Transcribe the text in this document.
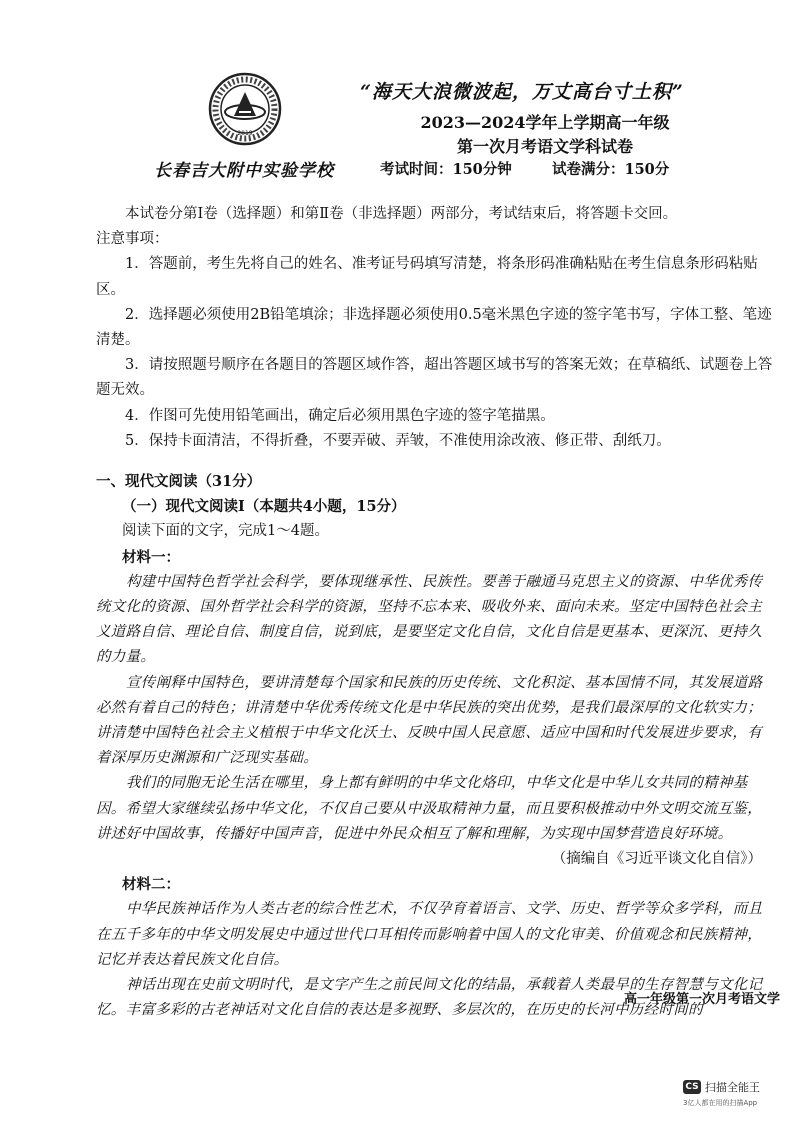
2019
“海天大浪微波起，万丈高台寸土积”
2023—2024学年上学期高一年级
第一次月考语文学科试卷
长春吉大附中实验学校	考试时间：150分钟	试卷满分：150分

本试卷分第Ⅰ卷（选择题）和第Ⅱ卷（非选择题）两部分，考试结束后，将答题卡交回。

注意事项：

1．答题前，考生先将自己的姓名、准考证号码填写清楚，将条形码准确粘贴在考生信息条形码粘贴区。

2．选择题必须使用2B铅笔填涂；非选择题必须使用0.5毫米黑色字迹的签字笔书写，字体工整、笔迹清楚。

3．请按照题号顺序在各题目的答题区域作答，超出答题区域书写的答案无效；在草稿纸、试题卷上答题无效。

4．作图可先使用铅笔画出，确定后必须用黑色字迹的签字笔描黑。

5．保持卡面清洁，不得折叠，不要弄破、弄皱，不准使用涂改液、修正带、刮纸刀。

一、现代文阅读（31分）

（一）现代文阅读Ⅰ（本题共4小题，15分）

阅读下面的文字，完成1～4题。

材料一：

构建中国特色哲学社会科学，要体现继承性、民族性。要善于融通马克思主义的资源、中华优秀传统文化的资源、国外哲学社会科学的资源，坚持不忘本来、吸收外来、面向未来。坚定中国特色社会主义道路自信、理论自信、制度自信，说到底，是要坚定文化自信，文化自信是更基本、更深沉、更持久的力量。

宣传阐释中国特色，要讲清楚每个国家和民族的历史传统、文化积淀、基本国情不同，其发展道路必然有着自己的特色；讲清楚中华优秀传统文化是中华民族的突出优势，是我们最深厚的文化软实力；讲清楚中国特色社会主义植根于中华文化沃土、反映中国人民意愿、适应中国和时代发展进步要求，有着深厚历史渊源和广泛现实基础。

我们的同胞无论生活在哪里，身上都有鲜明的中华文化烙印，中华文化是中华儿女共同的精神基因。希望大家继续弘扬中华文化，不仅自己要从中汲取精神力量，而且要积极推动中外文明交流互鉴，讲述好中国故事，传播好中国声音，促进中外民众相互了解和理解，为实现中国梦营造良好环境。

（摘编自《习近平谈文化自信》）

材料二：

中华民族神话作为人类古老的综合性艺术，不仅孕育着语言、文学、历史、哲学等众多学科，而且在五千多年的中华文明发展史中通过世代口耳相传而影响着中国人的文化审美、价值观念和民族精神，记忆并表达着民族文化自信。

神话出现在史前文明时代，是文字产生之前民间文化的结晶，承载着人类最早的生存智慧与文化记忆。丰富多彩的古老神话对文化自信的表达是多视野、多层次的，在历史的长河中历经时间的

高一年级第一次月考语文学
CS 扫描全能王
3亿人都在用的扫描App
